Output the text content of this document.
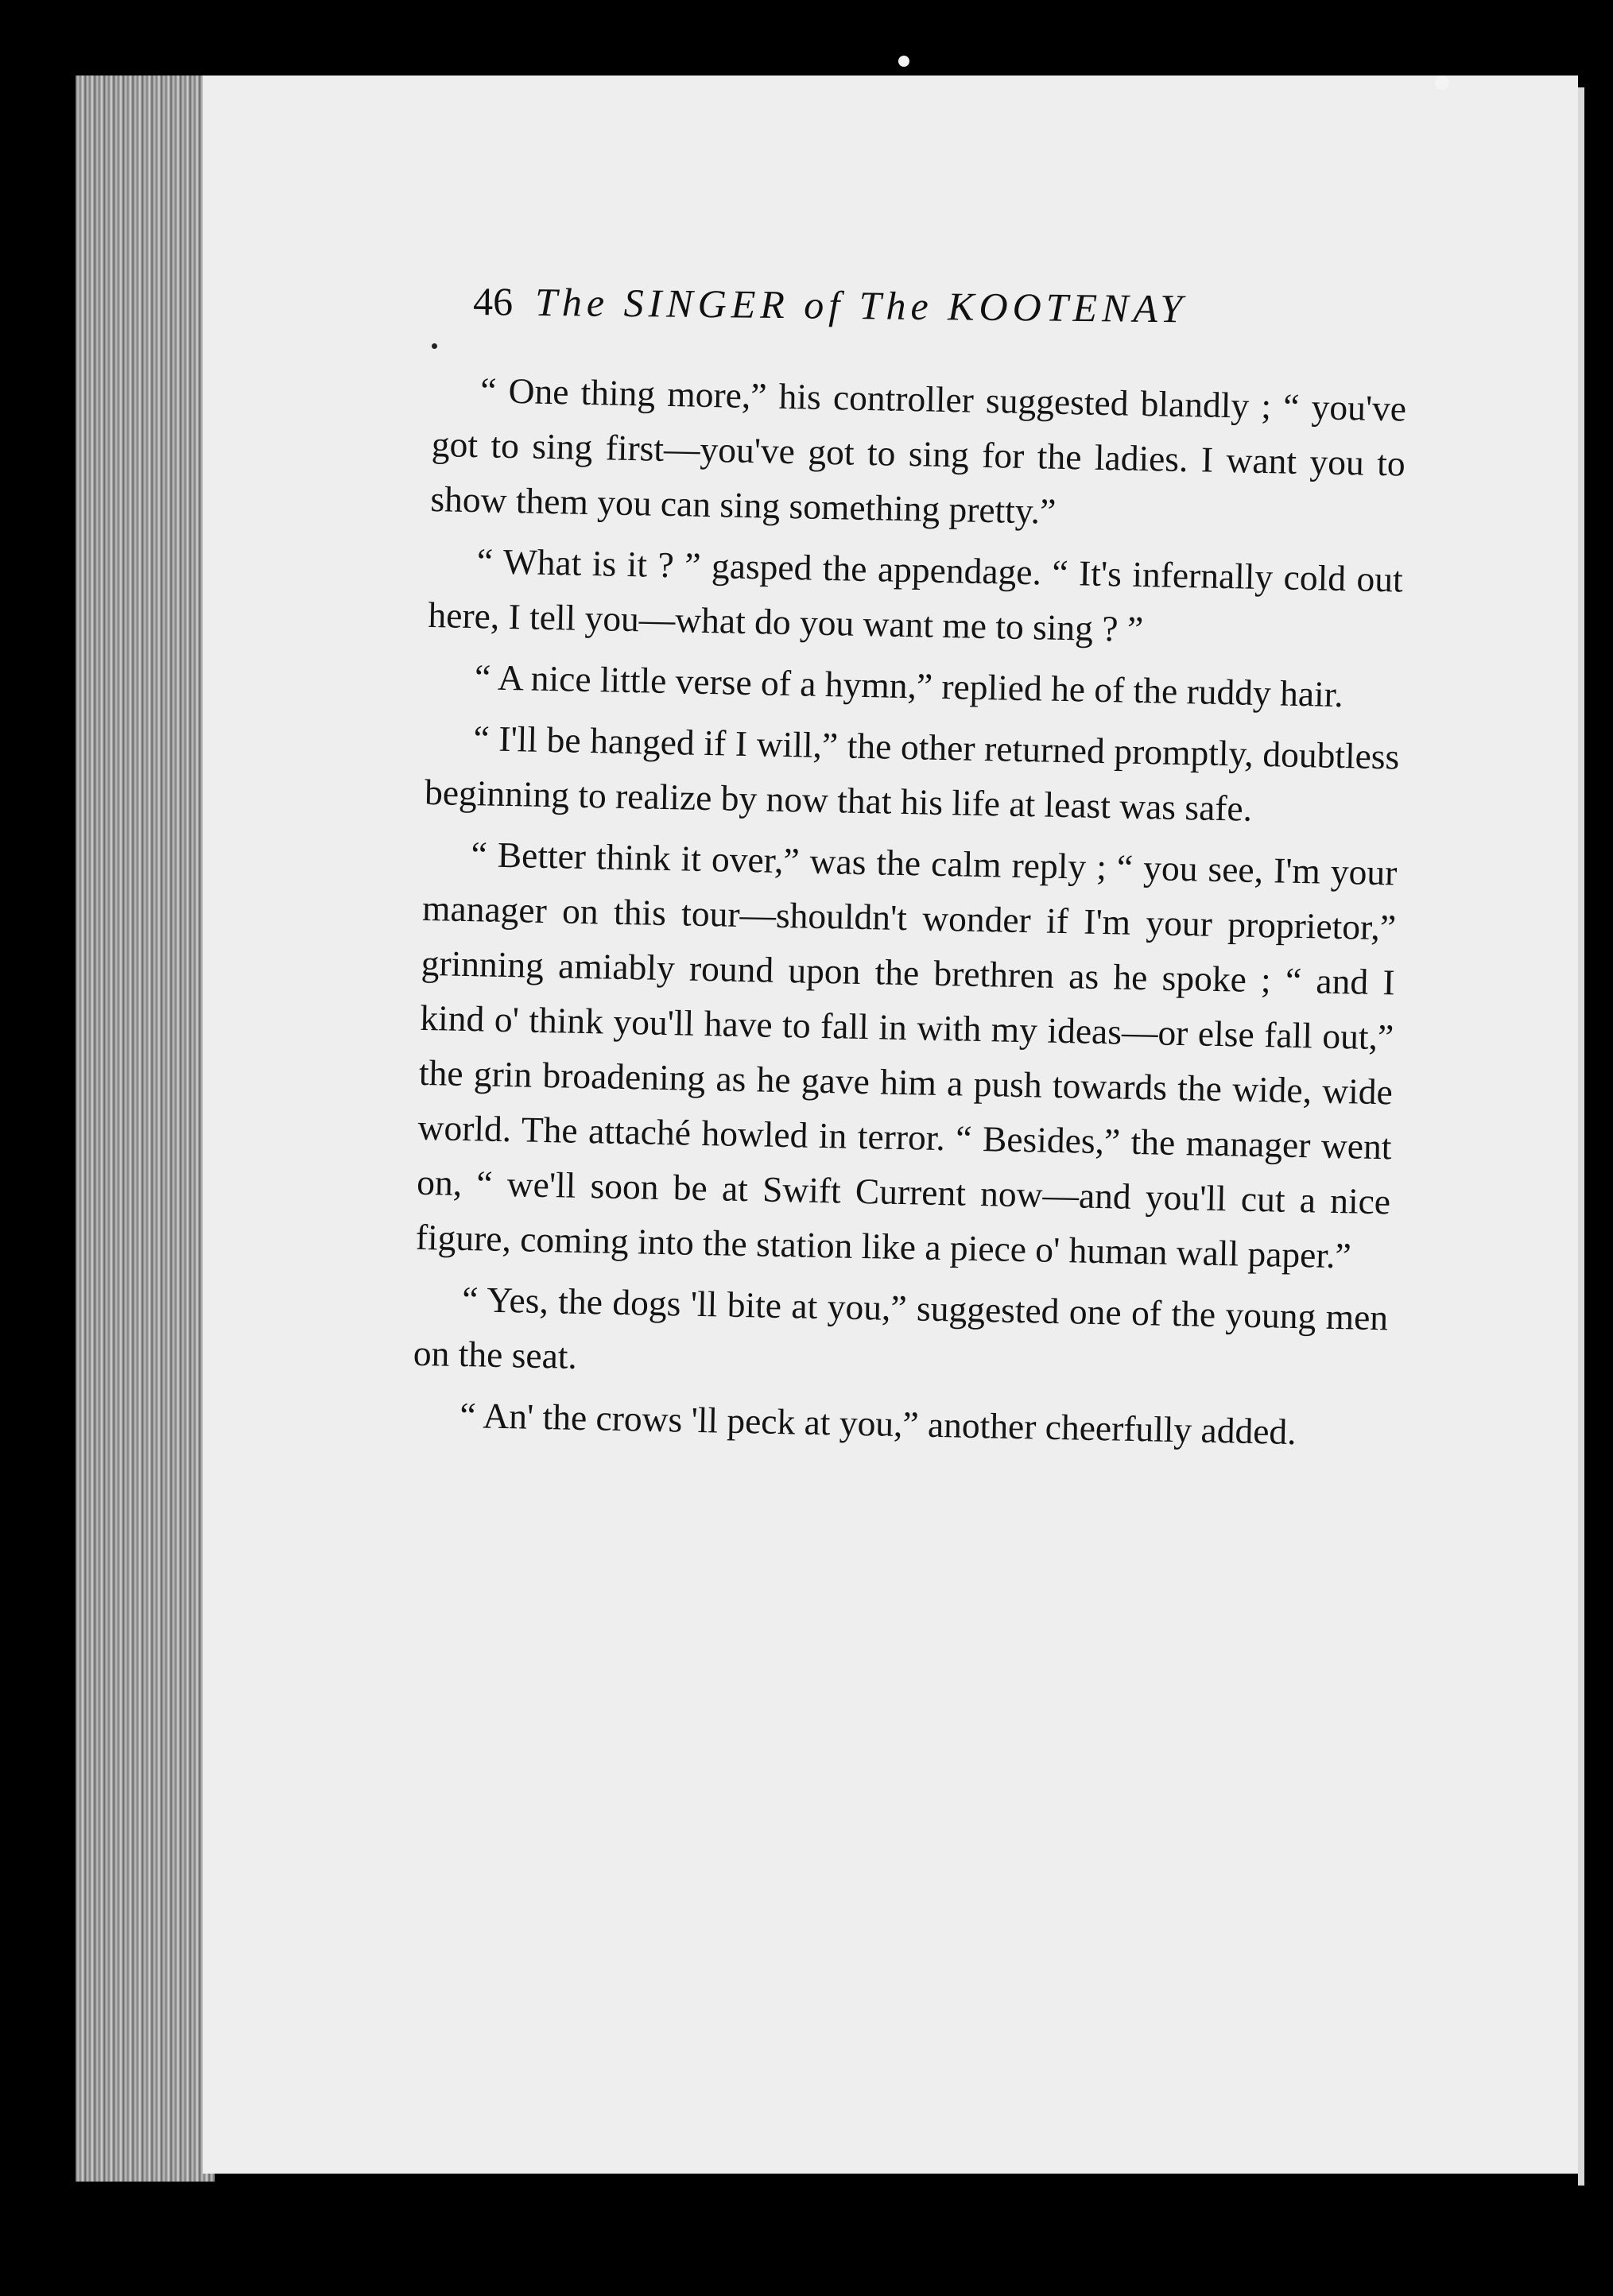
46 The SINGER of The KOOTENAY

“ One thing more,” his controller suggested blandly ; “ you've got to sing first—you've got to sing for the ladies. I want you to show them you can sing something pretty.”

“ What is it ? ” gasped the appendage. “ It's infernally cold out here, I tell you—what do you want me to sing ? ”

“ A nice little verse of a hymn,” replied he of the ruddy hair.

“ I'll be hanged if I will,” the other returned promptly, doubtless beginning to realize by now that his life at least was safe.

“ Better think it over,” was the calm reply ; “ you see, I'm your manager on this tour—shouldn't wonder if I'm your proprietor,” grinning amiably round upon the brethren as he spoke ; “ and I kind o' think you'll have to fall in with my ideas—or else fall out,” the grin broadening as he gave him a push towards the wide, wide world. The attaché howled in terror. “ Besides,” the manager went on, “ we'll soon be at Swift Current now—and you'll cut a nice figure, coming into the station like a piece o' human wall paper.”

“ Yes, the dogs 'll bite at you,” suggested one of the young men on the seat.

“ An' the crows 'll peck at you,” another cheerfully added.
